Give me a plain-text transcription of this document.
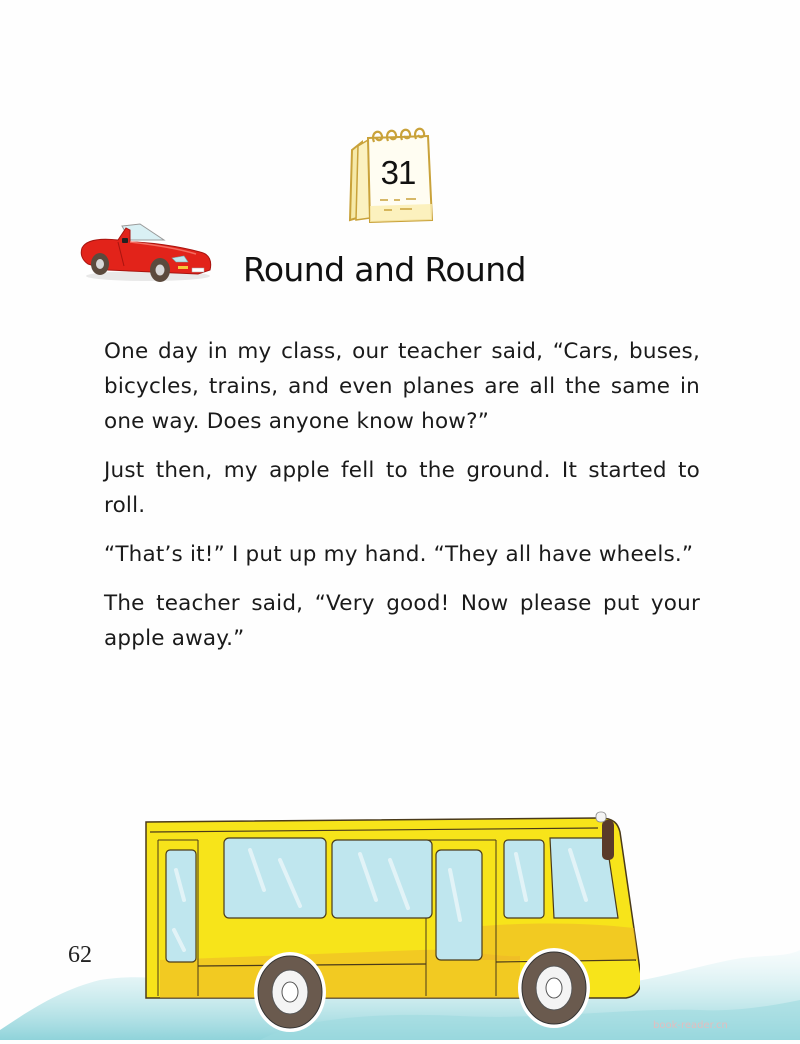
31
Round and Round

One day in my class, our teacher said, “Cars, buses, bicycles, trains, and even planes are all the same in one way. Does anyone know how?”

Just then, my apple fell to the ground. It started to roll.

“That’s it!” I put up my hand. “They all have wheels.”

The teacher said, “Very good! Now please put your apple away.”

62
book-reader.cn
